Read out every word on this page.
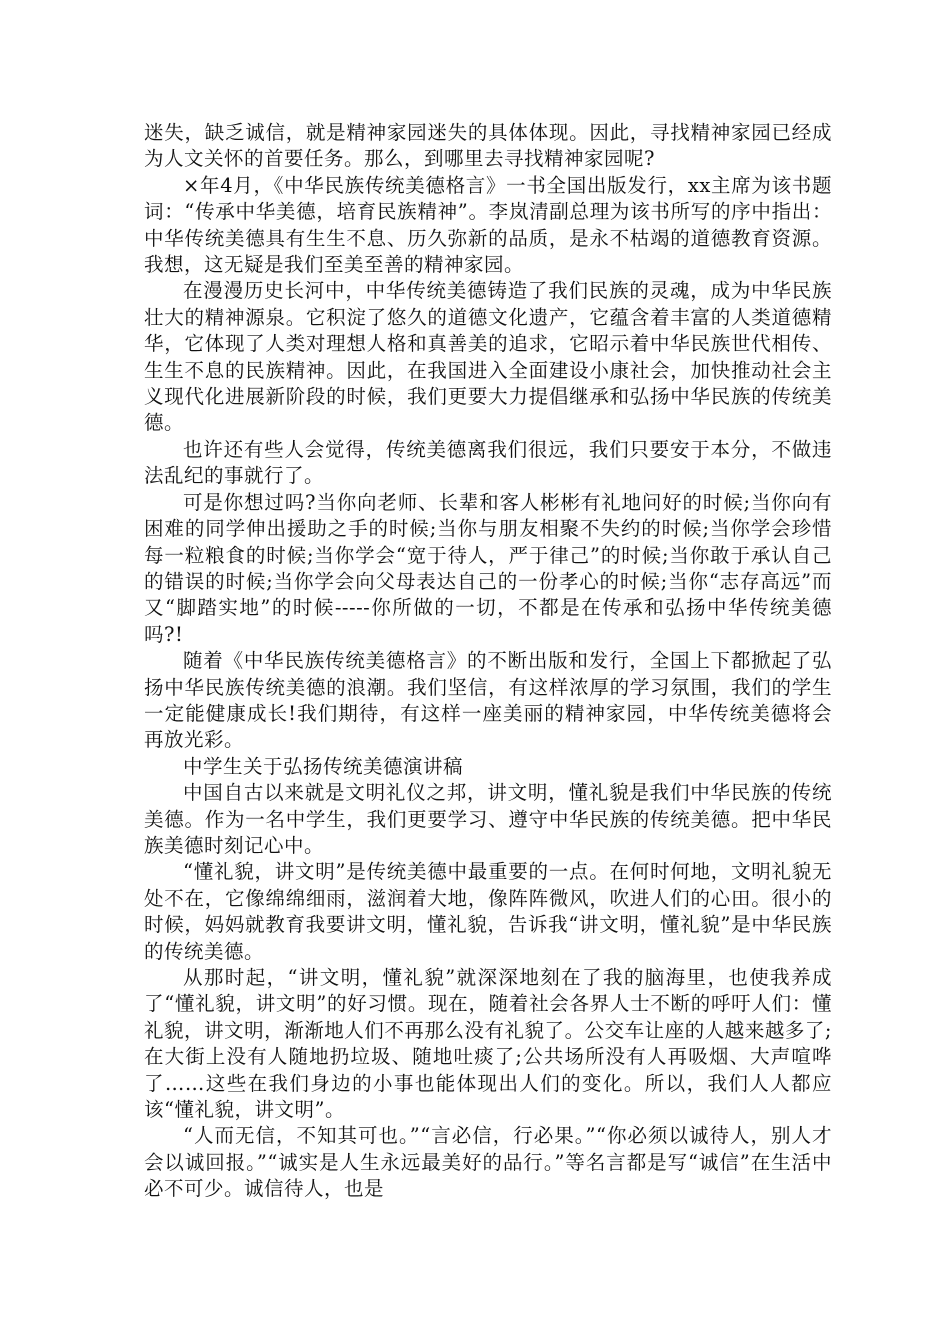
迷失，缺乏诚信，就是精神家园迷失的具体体现。因此，寻找精神家园已经成为人文关怀的首要任务。那么，到哪里去寻找精神家园呢?

×年4月，《中华民族传统美德格言》一书全国出版发行，xx主席为该书题词：“传承中华美德，培育民族精神”。李岚清副总理为该书所写的序中指出：中华传统美德具有生生不息、历久弥新的品质，是永不枯竭的道德教育资源。我想，这无疑是我们至美至善的精神家园。

在漫漫历史长河中，中华传统美德铸造了我们民族的灵魂，成为中华民族壮大的精神源泉。它积淀了悠久的道德文化遗产，它蕴含着丰富的人类道德精华，它体现了人类对理想人格和真善美的追求，它昭示着中华民族世代相传、生生不息的民族精神。因此，在我国进入全面建设小康社会，加快推动社会主义现代化进展新阶段的时候，我们更要大力提倡继承和弘扬中华民族的传统美德。

也许还有些人会觉得，传统美德离我们很远，我们只要安于本分，不做违法乱纪的事就行了。

可是你想过吗?当你向老师、长辈和客人彬彬有礼地问好的时候;当你向有困难的同学伸出援助之手的时候;当你与朋友相聚不失约的时候;当你学会珍惜每一粒粮食的时候;当你学会“宽于待人，严于律己”的时候;当你敢于承认自己的错误的时候;当你学会向父母表达自己的一份孝心的时候;当你“志存高远”而又“脚踏实地”的时候-----你所做的一切，不都是在传承和弘扬中华传统美德吗?!

随着《中华民族传统美德格言》的不断出版和发行，全国上下都掀起了弘扬中华民族传统美德的浪潮。我们坚信，有这样浓厚的学习氛围，我们的学生一定能健康成长!我们期待，有这样一座美丽的精神家园，中华传统美德将会再放光彩。

中学生关于弘扬传统美德演讲稿

中国自古以来就是文明礼仪之邦，讲文明，懂礼貌是我们中华民族的传统美德。作为一名中学生，我们更要学习、遵守中华民族的传统美德。把中华民族美德时刻记心中。

“懂礼貌，讲文明”是传统美德中最重要的一点。在何时何地，文明礼貌无处不在，它像绵绵细雨，滋润着大地，像阵阵微风，吹进人们的心田。很小的时候，妈妈就教育我要讲文明，懂礼貌，告诉我“讲文明，懂礼貌”是中华民族的传统美德。

从那时起，“讲文明，懂礼貌”就深深地刻在了我的脑海里，也使我养成了“懂礼貌，讲文明”的好习惯。现在，随着社会各界人士不断的呼吁人们：懂礼貌，讲文明，渐渐地人们不再那么没有礼貌了。公交车让座的人越来越多了;在大街上没有人随地扔垃圾、随地吐痰了;公共场所没有人再吸烟、大声喧哗了……这些在我们身边的小事也能体现出人们的变化。所以，我们人人都应该“懂礼貌，讲文明”。

“人而无信，不知其可也。”“言必信，行必果。”“你必须以诚待人，别人才会以诚回报。”“诚实是人生永远最美好的品行。”等名言都是写“诚信”在生活中必不可少。诚信待人，也是
